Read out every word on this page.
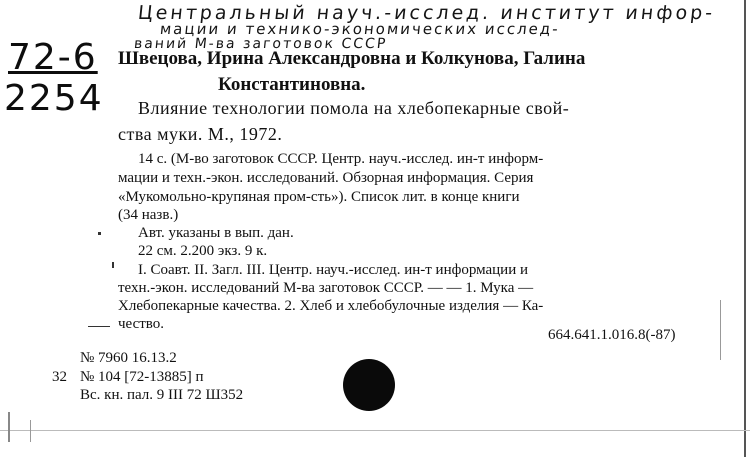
Центральный науч.-исслед. институт инфор-
мации и технико-экономических исслед-
ваний М-ва заготовок СССР
72-6
2254
Швецова, Ирина Александровна и Колкунова, Галина
Константиновна.
Влияние технологии помола на хлебопекарные свой-
ства муки. М., 1972.
14 с. (М-во заготовок СССР. Центр. науч.-исслед. ин-т информ-
мации и техн.-экон. исследований. Обзорная информация. Серия
«Мукомольно-крупяная пром-сть»). Список лит. в конце книги
(34 назв.)
Авт. указаны в вып. дан.
22 см. 2.200 экз. 9 к.
I. Соавт. II. Загл. III. Центр. науч.-исслед. ин-т информации и
техн.-экон. исследований М-ва заготовок СССР. — — 1. Мука —
Хлебопекарные качества. 2. Хлеб и хлебобулочные изделия — Ка-
чество.
664.641.1.016.8(-87)
№ 7960 16.13.2
32 № 104 [72-13885] п
Вс. кн. пал. 9 III 72 Ш352
